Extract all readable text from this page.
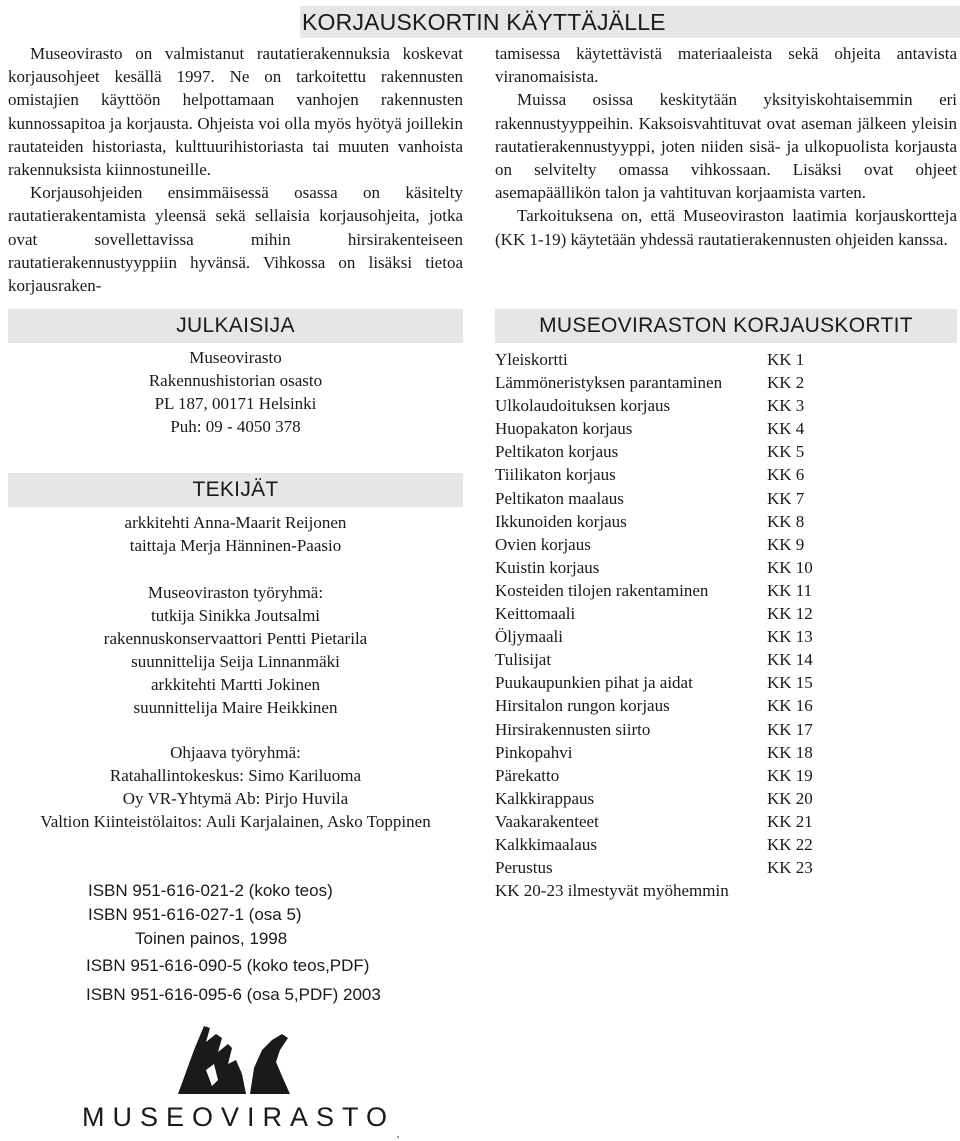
KORJAUSKORTIN KÄYTTÄJÄLLE

Museovirasto on valmistanut rautatierakennuksia koskevat korjausohjeet kesällä 1997. Ne on tarkoitettu rakennusten omistajien käyttöön helpottamaan vanhojen rakennusten kunnossapitoa ja korjausta. Ohjeista voi olla myös hyötyä joillekin rautateiden historiasta, kulttuurihistoriasta tai muuten vanhoista rakennuksista kiinnostuneille.

Korjausohjeiden ensimmäisessä osassa on käsitelty rautatierakentamista yleensä sekä sellaisia korjausohjeita, jotka ovat sovellettavissa mihin hirsirakenteiseen rautatierakennustyyppiin hyvänsä. Vihkossa on lisäksi tietoa korjausraken-

tamisessa käytettävistä materiaaleista sekä ohjeita antavista viranomaisista.

Muissa osissa keskitytään yksityiskohtaisemmin eri rakennustyyppeihin. Kaksoisvahtituvat ovat aseman jälkeen yleisin rautatierakennustyyppi, joten niiden sisä- ja ulkopuolista korjausta on selvitelty omassa vihkossaan. Lisäksi ovat ohjeet asemapäällikön talon ja vahtituvan korjaamista varten.

Tarkoituksena on, että Museoviraston laatimia korjauskortteja (KK 1-19) käytetään yhdessä rautatierakennusten ohjeiden kanssa.

JULKAISIJA
Museovirasto
Rakennushistorian osasto
PL 187, 00171 Helsinki
Puh: 09 - 4050 378
TEKIJÄT
arkkitehti Anna-Maarit Reijonen
taittaja Merja Hänninen-Paasio
Museoviraston työryhmä:
tutkija Sinikka Joutsalmi
rakennuskonservaattori Pentti Pietarila
suunnittelija Seija Linnanmäki
arkkitehti Martti Jokinen
suunnittelija Maire Heikkinen
Ohjaava työryhmä:
Ratahallintokeskus: Simo Kariluoma
Oy VR-Yhtymä Ab: Pirjo Huvila
Valtion Kiinteistölaitos: Auli Karjalainen, Asko Toppinen
ISBN 951-616-021-2 (koko teos)
ISBN 951-616-027-1 (osa 5)
Toinen painos, 1998
ISBN 951-616-090-5 (koko teos,PDF)
ISBN 951-616-095-6 (osa 5,PDF) 2003
MUSEOVIRASTON KORJAUSKORTIT
Yleiskortti	KK 1
Lämmöneristyksen parantaminen	KK 2
Ulkolaudoituksen korjaus	KK 3
Huopakaton korjaus	KK 4
Peltikaton korjaus	KK 5
Tiilikaton korjaus	KK 6
Peltikaton maalaus	KK 7
Ikkunoiden korjaus	KK 8
Ovien korjaus	KK 9
Kuistin korjaus	KK 10
Kosteiden tilojen rakentaminen	KK 11
Keittomaali	KK 12
Öljymaali	KK 13
Tulisijat	KK 14
Puukaupunkien pihat ja aidat	KK 15
Hirsitalon rungon korjaus	KK 16
Hirsirakennusten siirto	KK 17
Pinkopahvi	KK 18
Pärekatto	KK 19
Kalkkirappaus	KK 20
Vaakarakenteet	KK 21
Kalkkimaalaus	KK 22
Perustus	KK 23
KK 20-23 ilmestyvät myöhemmin
MUSEOVIRASTO
